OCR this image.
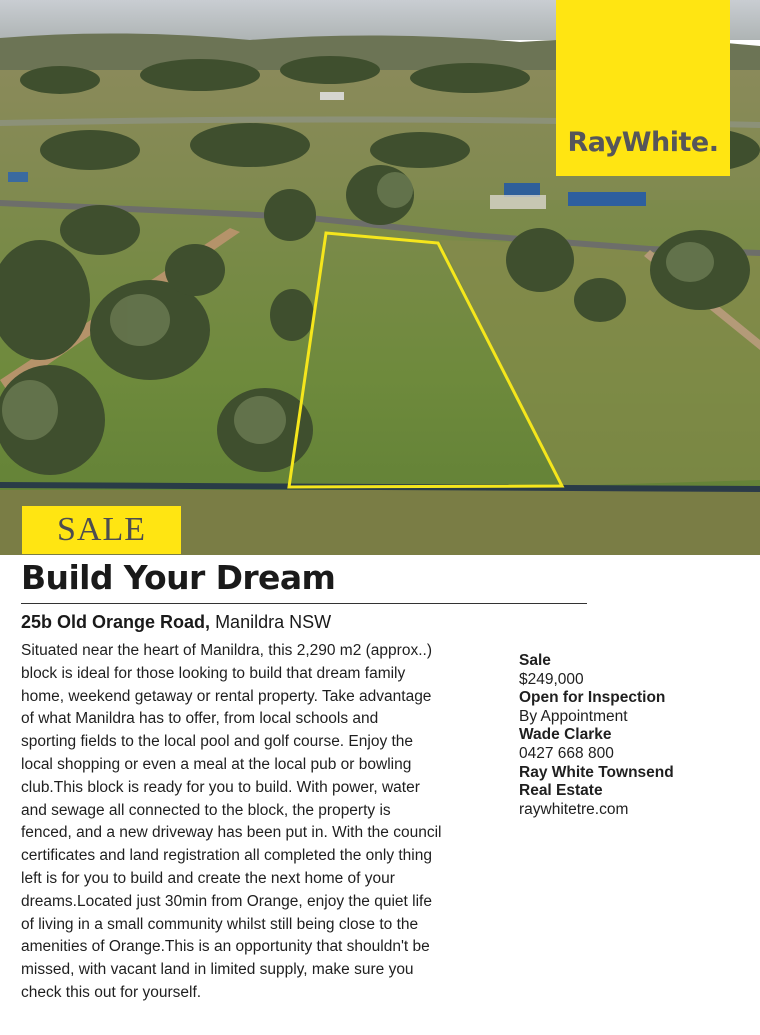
RayWhite.
SALE
Build Your Dream
25b Old Orange Road, Manildra NSW
Situated near the heart of Manildra, this 2,290 m2 (approx..)
block is ideal for those looking to build that dream family
home, weekend getaway or rental property. Take advantage
of what Manildra has to offer, from local schools and
sporting fields to the local pool and golf course. Enjoy the
local shopping or even a meal at the local pub or bowling
club.This block is ready for you to build. With power, water
and sewage all connected to the block, the property is
fenced, and a new driveway has been put in. With the council
certificates and land registration all completed the only thing
left is for you to build and create the next home of your
dreams.Located just 30min from Orange, enjoy the quiet life
of living in a small community whilst still being close to the
amenities of Orange.This is an opportunity that shouldn't be
missed, with vacant land in limited supply, make sure you
check this out for yourself.
Sale
$249,000
Open for Inspection
By Appointment
Wade Clarke
0427 668 800
Ray White Townsend
Real Estate
raywhitetre.com
